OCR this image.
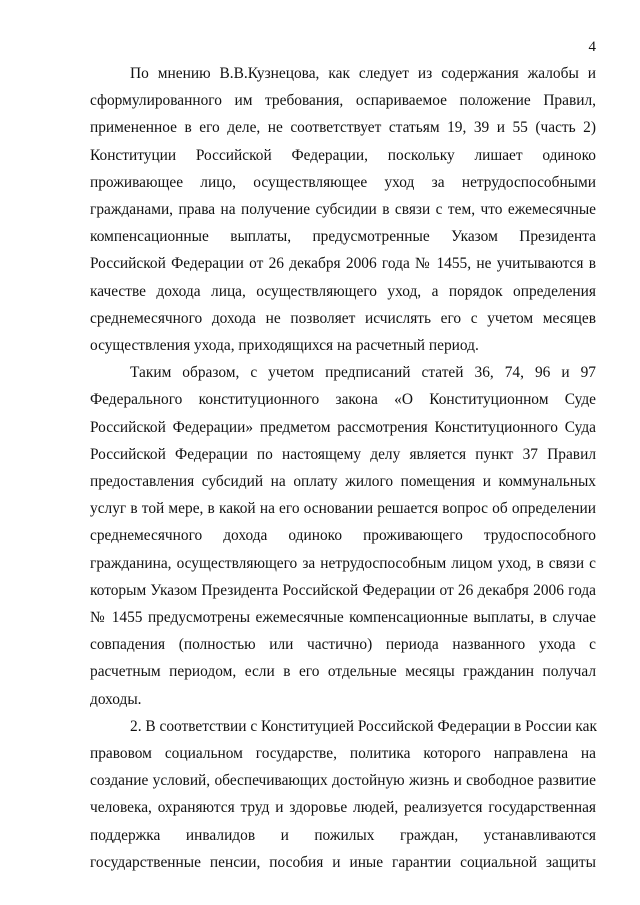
4

По мнению В.В.Кузнецова, как следует из содержания жалобы и
сформулированного им требования, оспариваемое положение Правил,
примененное в его деле, не соответствует статьям 19, 39 и 55 (часть 2)
Конституции Российской Федерации, поскольку лишает одиноко
проживающее лицо, осуществляющее уход за нетрудоспособными
гражданами, права на получение субсидии в связи с тем, что ежемесячные
компенсационные выплаты, предусмотренные Указом Президента
Российской Федерации от 26 декабря 2006 года № 1455, не учитываются в
качестве дохода лица, осуществляющего уход, а порядок определения
среднемесячного дохода не позволяет исчислять его с учетом месяцев
осуществления ухода, приходящихся на расчетный период.

Таким образом, с учетом предписаний статей 36, 74, 96 и 97
Федерального конституционного закона «О Конституционном Суде
Российской Федерации» предметом рассмотрения Конституционного Суда
Российской Федерации по настоящему делу является пункт 37 Правил
предоставления субсидий на оплату жилого помещения и коммунальных
услуг в той мере, в какой на его основании решается вопрос об определении
среднемесячного дохода одиноко проживающего трудоспособного
гражданина, осуществляющего за нетрудоспособным лицом уход, в связи с
которым Указом Президента Российской Федерации от 26 декабря 2006 года
№ 1455 предусмотрены ежемесячные компенсационные выплаты, в случае
совпадения (полностью или частично) периода названного ухода с
расчетным периодом, если в его отдельные месяцы гражданин получал
доходы.

2. В соответствии с Конституцией Российской Федерации в России как
правовом социальном государстве, политика которого направлена на
создание условий, обеспечивающих достойную жизнь и свободное развитие
человека, охраняются труд и здоровье людей, реализуется государственная
поддержка инвалидов и пожилых граждан, устанавливаются
государственные пенсии, пособия и иные гарантии социальной защиты
